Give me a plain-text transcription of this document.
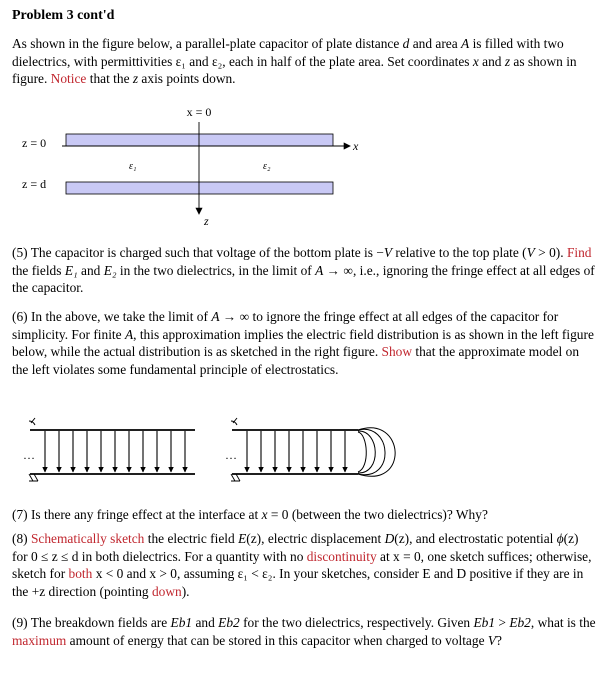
Problem 3 cont'd
As shown in the figure below, a parallel-plate capacitor of plate distance d and area A is filled with two dielectrics, with permittivities ε₁ and ε₂, each in half of the plate area. Set coordinates x and z as shown in figure. Notice that the z axis points down.
x = 0
z = 0
z = d
x
z
ε₁	ε₂
(5) The capacitor is charged such that voltage of the bottom plate is −V relative to the top plate (V > 0). Find the fields E₁ and E₂ in the two dielectrics, in the limit of A → ∞, i.e., ignoring the fringe effect at all edges of the capacitor.
(6) In the above, we take the limit of A → ∞ to ignore the fringe effect at all edges of the capacitor for simplicity. For finite A, this approximation implies the electric field distribution is as shown in the left figure below, while the actual distribution is as sketched in the right figure. Show that the approximate model on the left violates some fundamental principle of electrostatics.
…	…
(7) Is there any fringe effect at the interface at x = 0 (between the two dielectrics)? Why?
(8) Schematically sketch the electric field E(z), electric displacement D(z), and electrostatic potential ϕ(z) for 0 ≤ z ≤ d in both dielectrics. For a quantity with no discontinuity at x = 0, one sketch suffices; otherwise, sketch for both x < 0 and x > 0, assuming ε₁ < ε₂. In your sketches, consider E and D positive if they are in the +z direction (pointing down).
(9) The breakdown fields are Eb1 and Eb2 for the two dielectrics, respectively. Given Eb1 > Eb2, what is the maximum amount of energy that can be stored in this capacitor when charged to voltage V?
